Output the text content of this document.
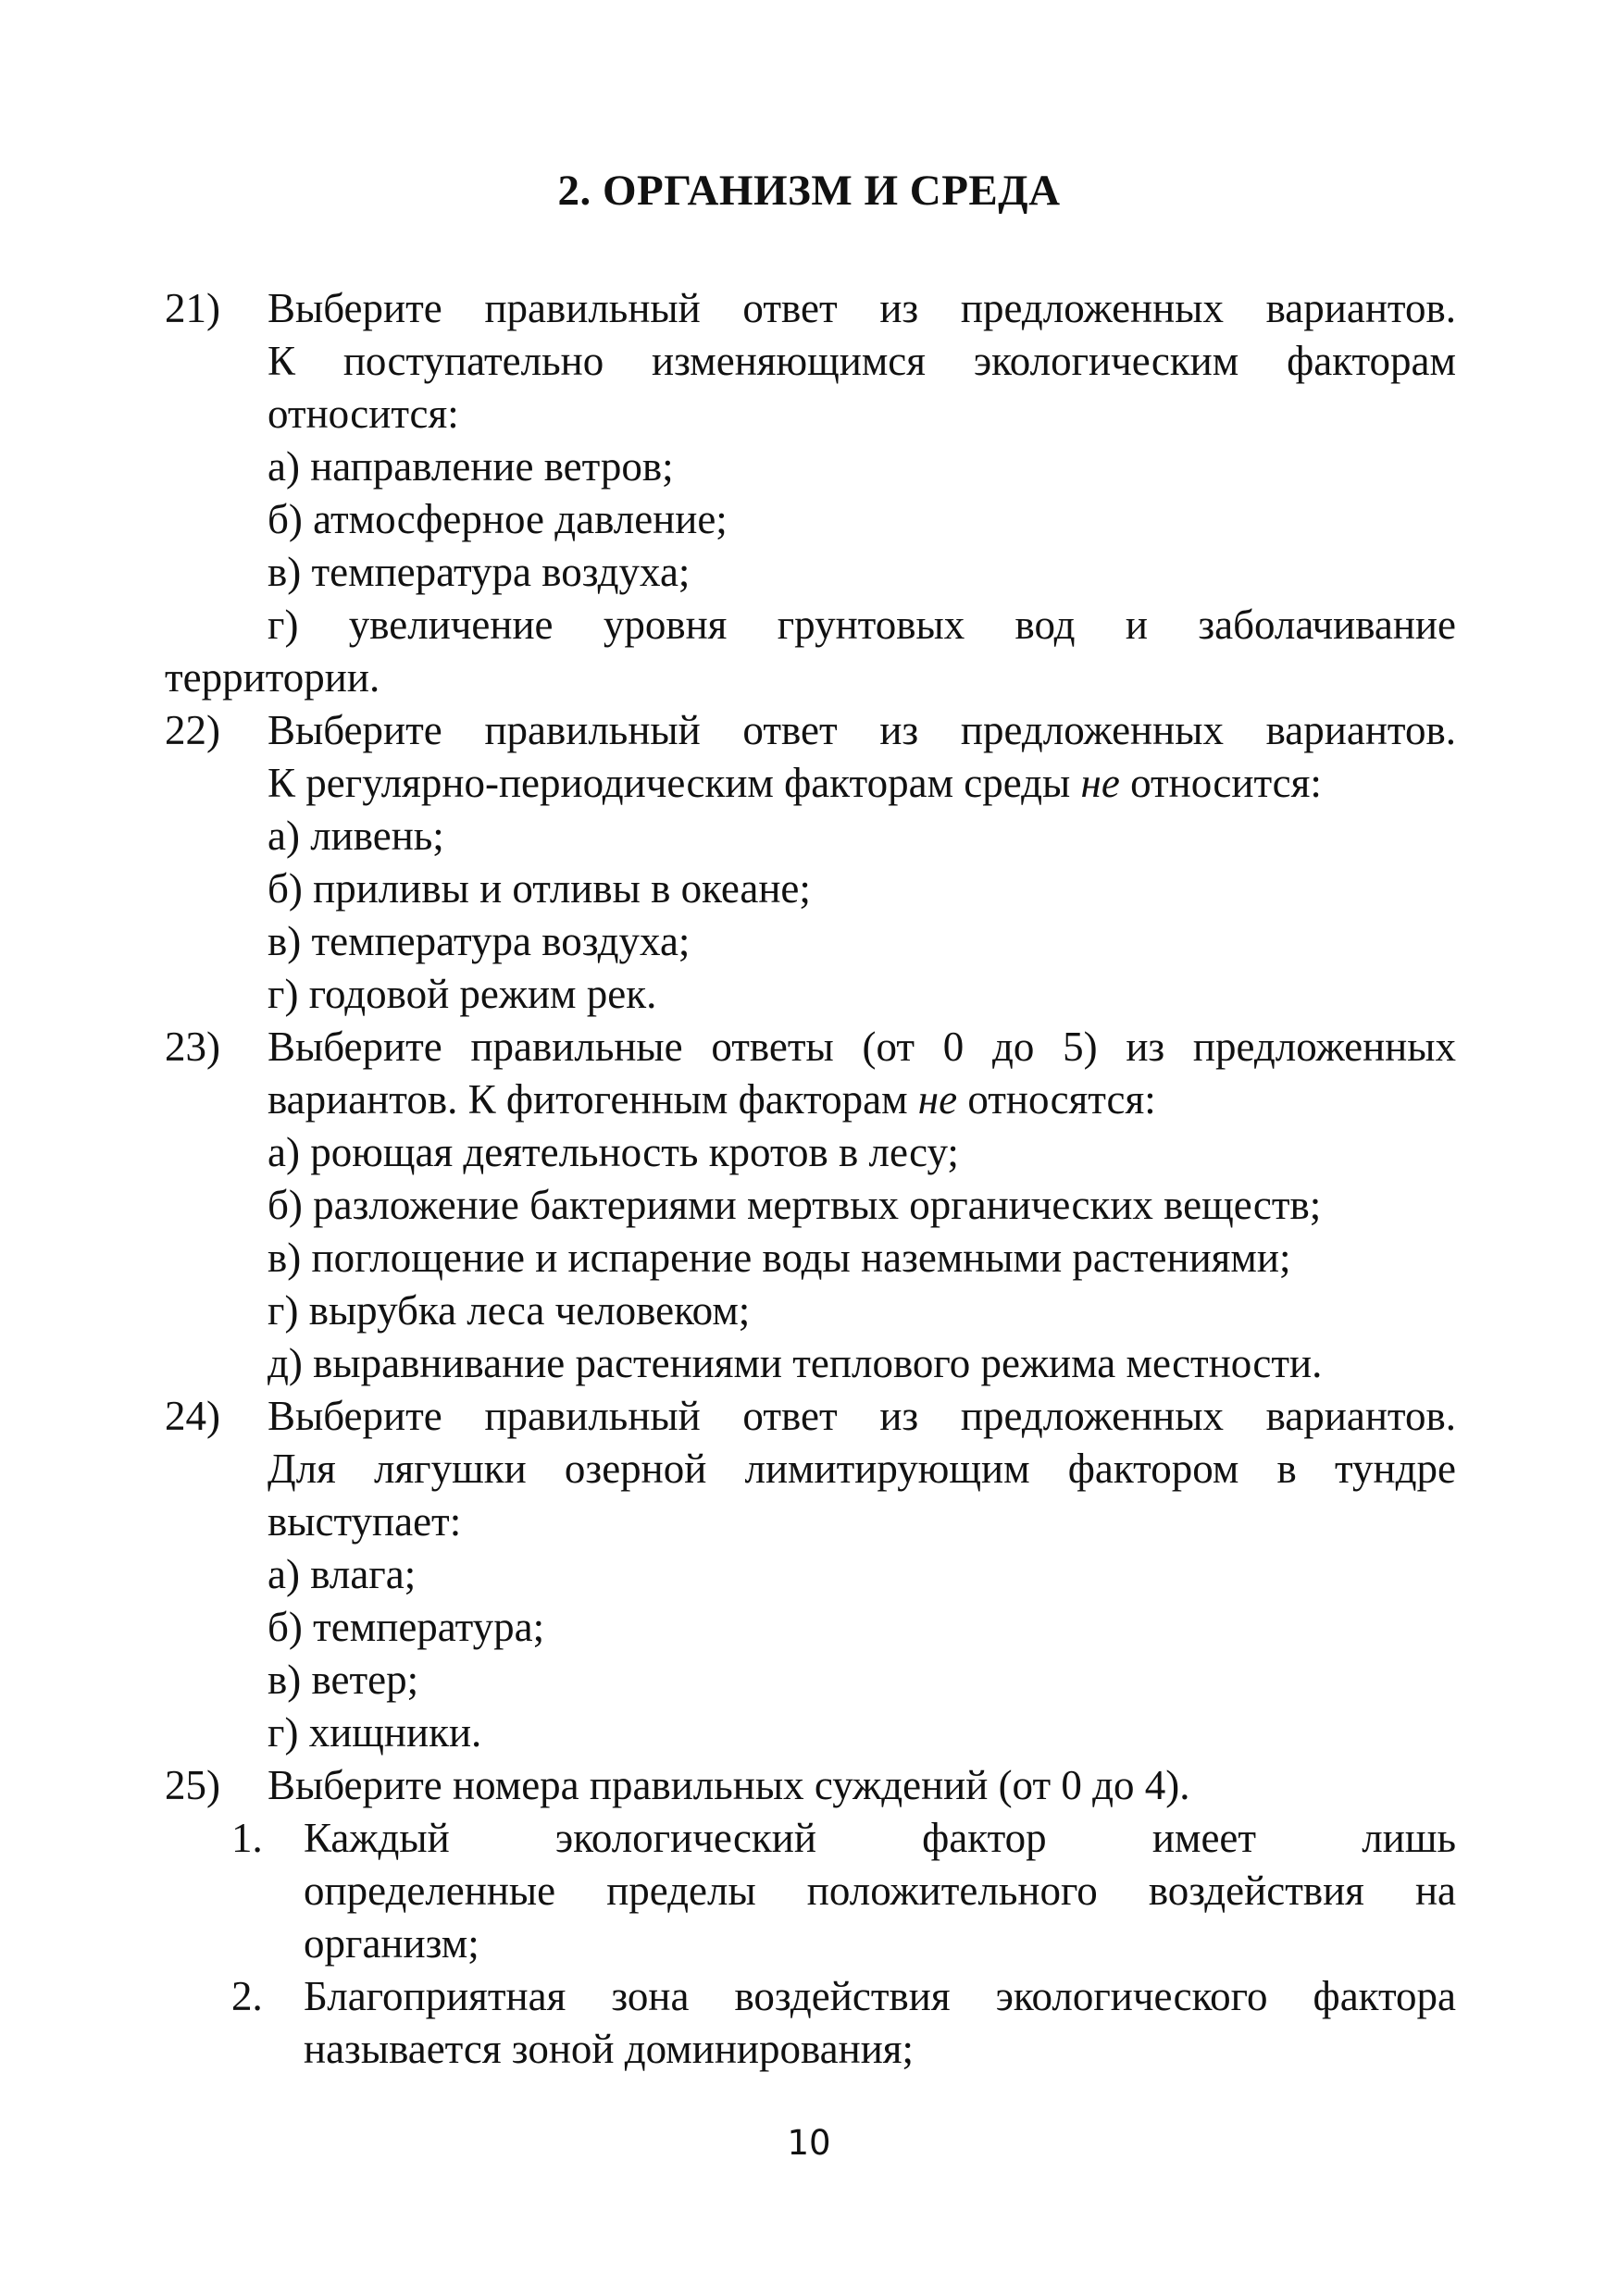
2. ОРГАНИЗМ И СРЕДА
21) Выберите правильный ответ из предложенных вариантов.
К поступательно изменяющимся экологическим факторам
относится:
а) направление ветров;
б) атмосферное давление;
в) температура воздуха;
г) увеличение уровня грунтовых вод и заболачивание
территории.
22) Выберите правильный ответ из предложенных вариантов.
К регулярно-периодическим факторам среды не относится:
а) ливень;
б) приливы и отливы в океане;
в) температура воздуха;
г) годовой режим рек.
23) Выберите правильные ответы (от 0 до 5) из предложенных
вариантов. К фитогенным факторам не относятся:
а) роющая деятельность кротов в лесу;
б) разложение бактериями мертвых органических веществ;
в) поглощение и испарение воды наземными растениями;
г) вырубка леса человеком;
д) выравнивание растениями теплового режима местности.
24) Выберите правильный ответ из предложенных вариантов.
Для лягушки озерной лимитирующим фактором в тундре
выступает:
а) влага;
б) температура;
в) ветер;
г) хищники.
25) Выберите номера правильных суждений (от 0 до 4).
1. Каждый экологический фактор имеет лишь
определенные пределы положительного воздействия на
организм;
2. Благоприятная зона воздействия экологического фактора
называется зоной доминирования;
10
